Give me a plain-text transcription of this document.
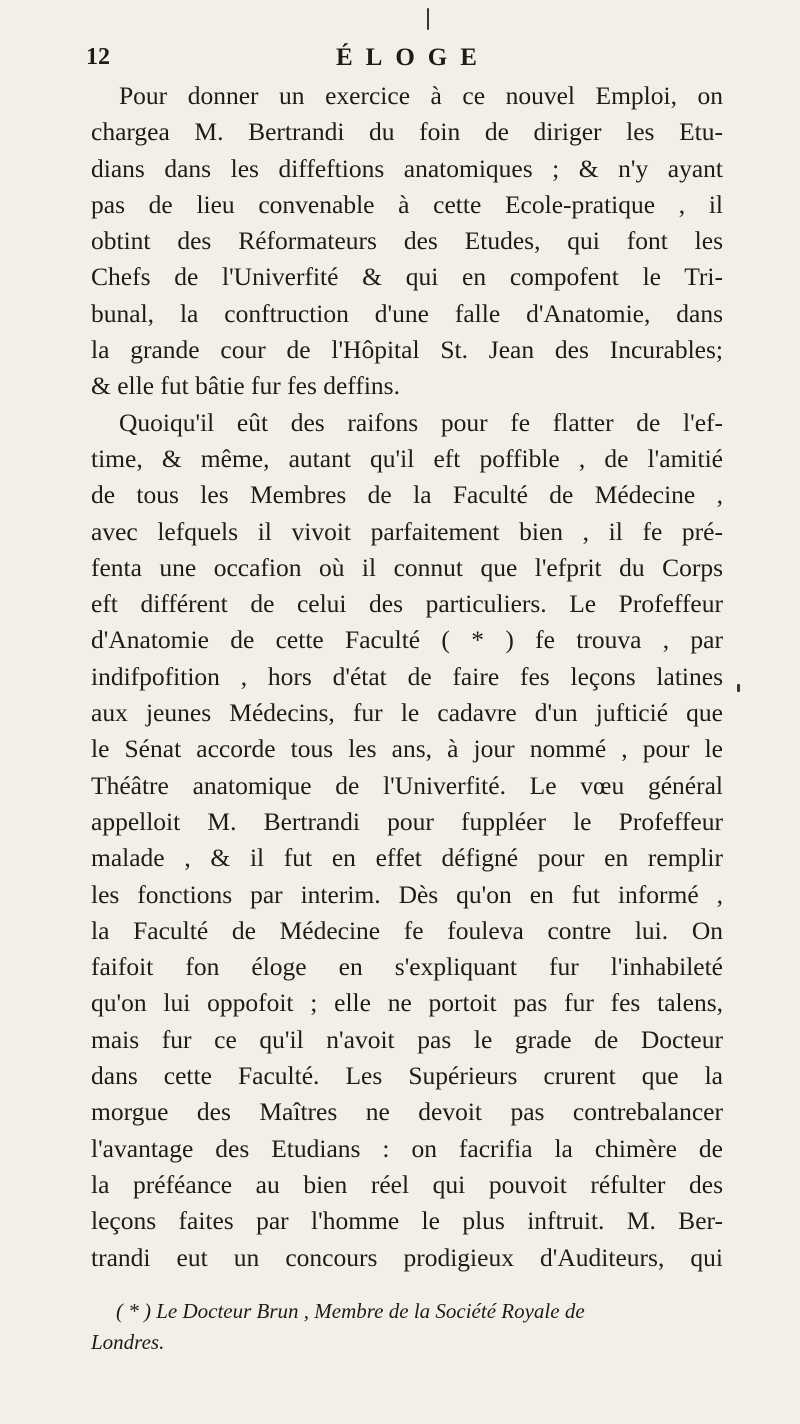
12	ÉLOGE
Pour donner un exercice à ce nouvel Emploi, on
chargea M. Bertrandi du foin de diriger les Etu-
dians dans les diffeftions anatomiques ; & n'y ayant
pas de lieu convenable à cette Ecole-pratique , il
obtint des Réformateurs des Etudes, qui font les
Chefs de l'Univerfité & qui en compofent le Tri-
bunal, la conftruction d'une falle d'Anatomie, dans
la grande cour de l'Hôpital St. Jean des Incurables;
& elle fut bâtie fur fes deffins.
Quoiqu'il eût des raifons pour fe flatter de l'ef-
time, & même, autant qu'il eft poffible , de l'amitié
de tous les Membres de la Faculté de Médecine ,
avec lefquels il vivoit parfaitement bien , il fe pré-
fenta une occafion où il connut que l'efprit du Corps
eft différent de celui des particuliers. Le Profeffeur
d'Anatomie de cette Faculté ( * ) fe trouva , par
indifpofition , hors d'état de faire fes leçons latines
aux jeunes Médecins, fur le cadavre d'un jufticié que
le Sénat accorde tous les ans, à jour nommé , pour le
Théâtre anatomique de l'Univerfité. Le vœu général
appelloit M. Bertrandi pour fuppléer le Profeffeur
malade , & il fut en effet défigné pour en remplir
les fonctions par interim. Dès qu'on en fut informé ,
la Faculté de Médecine fe fouleva contre lui. On
faifoit fon éloge en s'expliquant fur l'inhabileté
qu'on lui oppofoit ; elle ne portoit pas fur fes talens,
mais fur ce qu'il n'avoit pas le grade de Docteur
dans cette Faculté. Les Supérieurs crurent que la
morgue des Maîtres ne devoit pas contrebalancer
l'avantage des Etudians : on facrifia la chimère de
la préféance au bien réel qui pouvoit réfulter des
leçons faites par l'homme le plus inftruit. M. Ber-
trandi eut un concours prodigieux d'Auditeurs, qui
( * ) Le Docteur Brun , Membre de la Société Royale de
Londres.
